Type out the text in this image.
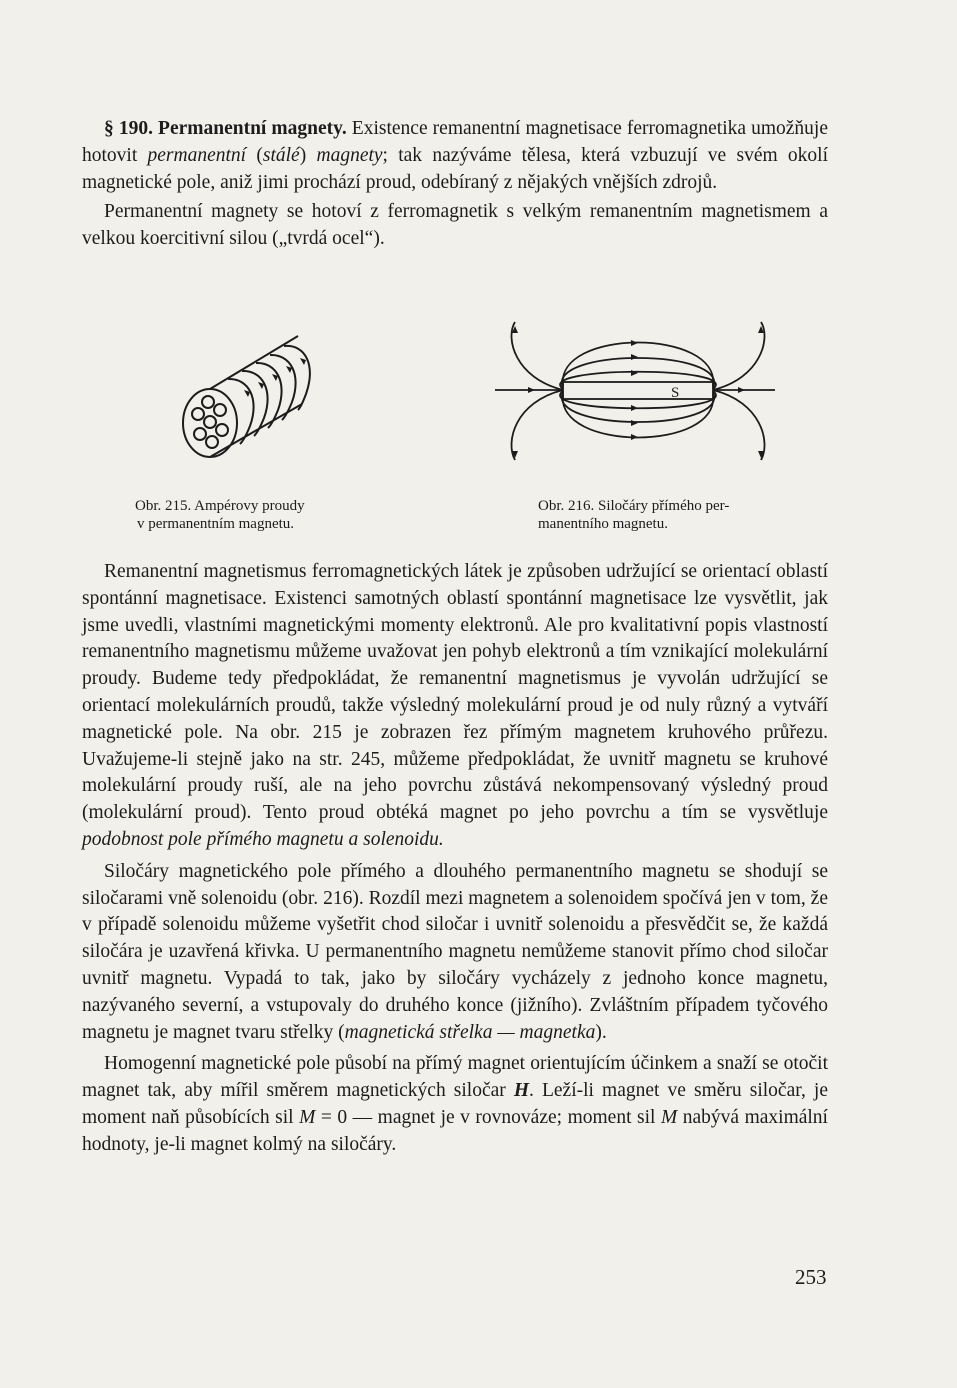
§ 190. Permanentní magnety. Existence remanentní magnetisace ferromagnetika umožňuje hotovit permanentní (stálé) magnety; tak nazýváme tělesa, která vzbuzují ve svém okolí magnetické pole, aniž jimi prochází proud, odebíraný z nějakých vnějších zdrojů.

Permanentní magnety se hotoví z ferromagnetik s velkým remanentním magnetismem a velkou koercitivní silou („tvrdá ocel“).

Obr. 215. Ampérovy proudy
v permanentním magnetu.
S
Obr. 216. Siločáry přímého per-
manentního magnetu.

Remanentní magnetismus ferromagnetických látek je způsoben udržující se orientací oblastí spontánní magnetisace. Existenci samotných oblastí spontánní magnetisace lze vysvětlit, jak jsme uvedli, vlastními magnetickými momenty elektronů. Ale pro kvalitativní popis vlastností remanentního magnetismu můžeme uvažovat jen pohyb elektronů a tím vznikající molekulární proudy. Budeme tedy předpokládat, že remanentní magnetismus je vyvolán udržující se orientací molekulárních proudů, takže výsledný molekulární proud je od nuly různý a vytváří magnetické pole. Na obr. 215 je zobrazen řez přímým magnetem kruhového průřezu. Uvažujeme-li stejně jako na str. 245, můžeme předpokládat, že uvnitř magnetu se kruhové molekulární proudy ruší, ale na jeho povrchu zůstává nekompensovaný výsledný proud (molekulární proud). Tento proud obtéká magnet po jeho povrchu a tím se vysvětluje podobnost pole přímého magnetu a solenoidu.

Siločáry magnetického pole přímého a dlouhého permanentního magnetu se shodují se siločarami vně solenoidu (obr. 216). Rozdíl mezi magnetem a solenoidem spočívá jen v tom, že v případě solenoidu můžeme vyšetřit chod siločar i uvnitř solenoidu a přesvědčit se, že každá siločára je uzavřená křivka. U permanentního magnetu nemůžeme stanovit přímo chod siločar uvnitř magnetu. Vypadá to tak, jako by siločáry vycházely z jednoho konce magnetu, nazývaného severní, a vstupovaly do druhého konce (jižního). Zvláštním případem tyčového magnetu je magnet tvaru střelky (magnetická střelka — magnetka).

Homogenní magnetické pole působí na přímý magnet orientujícím účinkem a snaží se otočit magnet tak, aby mířil směrem magnetických siločar H. Leží-li magnet ve směru siločar, je moment naň působících sil M = 0 — magnet je v rovnováze; moment sil M nabývá maximální hodnoty, je-li magnet kolmý na siločáry.

253
